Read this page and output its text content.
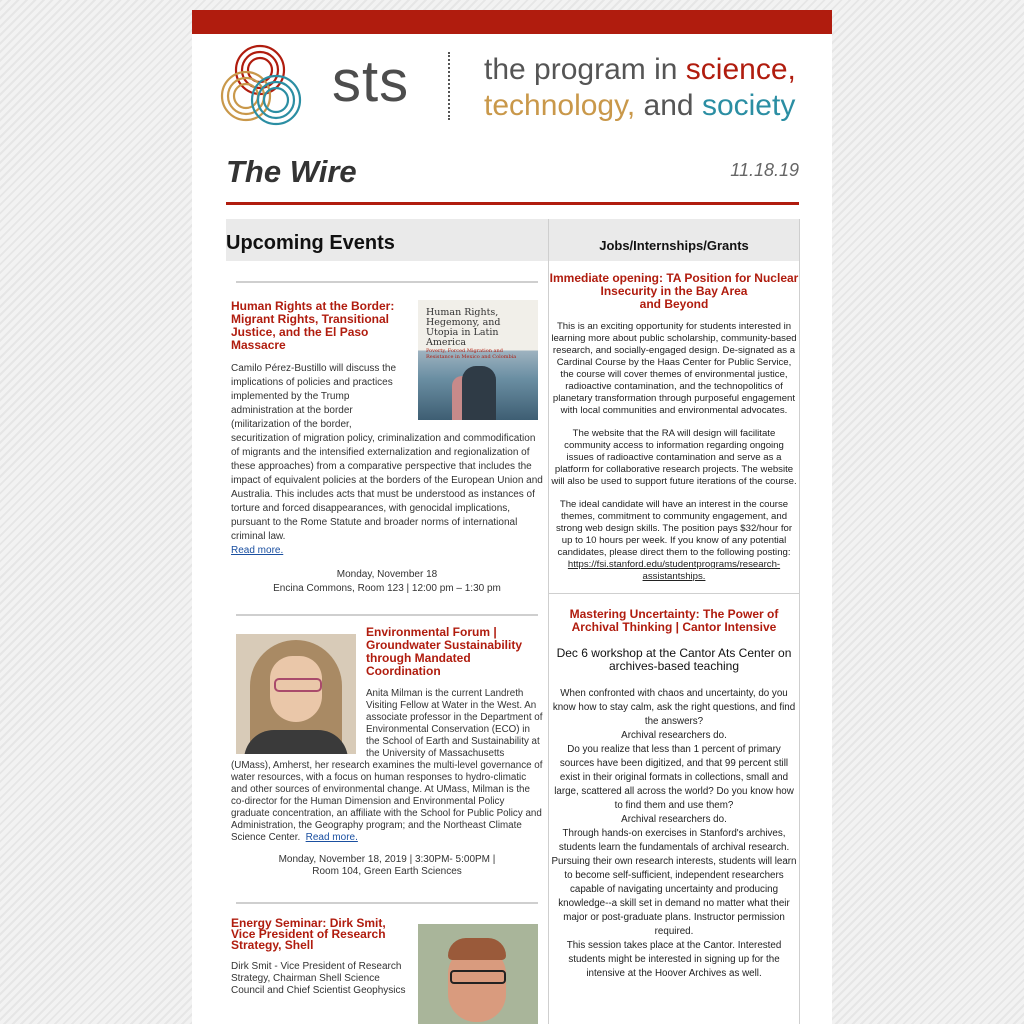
sts the program in science,
technology, and society
The Wire	11.18.19
Upcoming Events
Human Rights, Hegemony, and Utopia in Latin America
Poverty, Forced Migration and Resistance in Mexico and Colombia
Human Rights at the Border: Migrant Rights, Transitional Justice, and the El Paso Massacre
Camilo Pérez-Bustillo will discuss the implications of policies and practices implemented by the Trump administration at the border (militarization of the border, securitization of migration policy, criminalization and commodification of migrants and the intensified externalization and regionalization of these approaches) from a comparative perspective that includes the impact of equivalent policies at the borders of the European Union and Australia. This includes acts that must be understood as instances of torture and forced disappearances, with genocidal implications, pursuant to the Rome Statute and broader norms of international criminal law.
Read more.
Monday, November 18
Encina Commons, Room 123 | 12:00 pm – 1:30 pm
Environmental Forum | Groundwater Sustainability through Mandated Coordination
Anita Milman is the current Landreth Visiting Fellow at Water in the West. An associate professor in the Department of Environmental Conservation (ECO) in the School of Earth and Sustainability at the University of Massachusetts (UMass), Amherst, her research examines the multi-level governance of water resources, with a focus on human responses to hydro-climatic and other sources of environmental change. At UMass, Milman is the co-director for the Human Dimension and Environmental Policy graduate concentration, an affiliate with the School for Public Policy and Administration, the Geography program; and the Northeast Climate Science Center. Read more.
Monday, November 18, 2019 | 3:30PM- 5:00PM |
Room 104, Green Earth Sciences
Energy Seminar: Dirk Smit, Vice President of Research Strategy, Shell
Dirk Smit - Vice President of Research Strategy, Chairman Shell Science Council and Chief Scientist Geophysics
Jobs/Internships/Grants
Immediate opening: TA Position for Nuclear Insecurity in the Bay Area
and Beyond
This is an exciting opportunity for students interested in learning more about public scholarship, community-based research, and socially-engaged design. De-signated as a Cardinal Course by the Haas Center for Public Service, the course will cover themes of environmental justice, radioactive contamination, and the technopolitics of planetary transformation through purposeful engagement with local communities and environmental advocates.
The website that the RA will design will facilitate community access to information regarding ongoing issues of radioactive contamination and serve as a platform for collaborative research projects. The website will also be used to support future iterations of the course.
The ideal candidate will have an interest in the course themes, commitment to community engagement, and strong web design skills. The position pays $32/hour for up to 10 hours per week. If you know of any potential candidates, please direct them to the following posting: https://fsi.stanford.edu/studentprograms/research-assistantships.
Mastering Uncertainty: The Power of Archival Thinking | Cantor Intensive
Dec 6 workshop at the Cantor Ats Center on archives-based teaching
When confronted with chaos and uncertainty, do you know how to stay calm, ask the right questions, and find the answers?
Archival researchers do.
Do you realize that less than 1 percent of primary sources have been digitized, and that 99 percent still exist in their original formats in collections, small and large, scattered all across the world? Do you know how to find them and use them?
Archival researchers do.
Through hands-on exercises in Stanford's archives, students learn the fundamentals of archival research. Pursuing their own research interests, students will learn to become self-sufficient, independent researchers capable of navigating uncertainty and producing knowledge--a skill set in demand no matter what their major or post-graduate plans. Instructor permission required.
This session takes place at the Cantor. Interested students might be interested in signing up for the intensive at the Hoover Archives as well.
